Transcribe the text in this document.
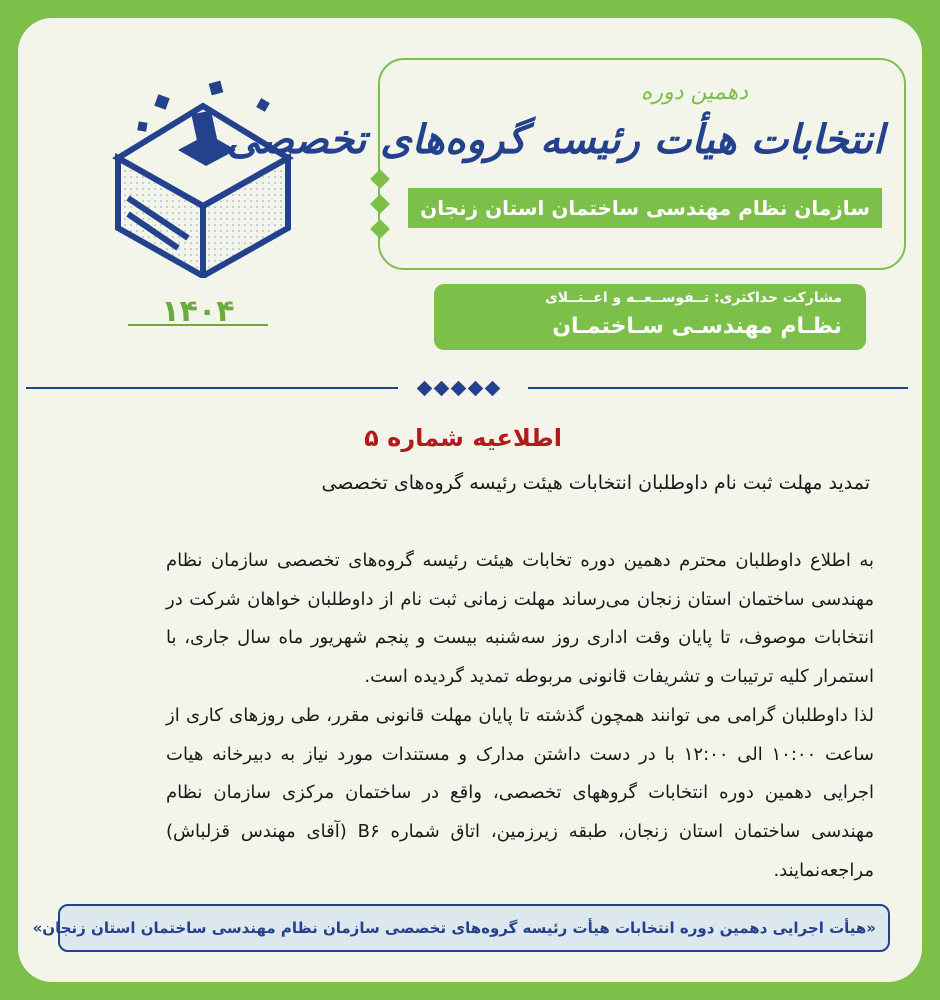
۱۴۰۴
دهمین دوره
انتخابات هیأت رئیسه گروه‌های تخصصی
سازمان نظام مهندسی ساختمان استان زنجان
مشارکت حداکثری: تــفوســعــه و اعــتــلای
نظـام مهندسـی سـاختمـان
اطلاعیه شماره ۵
تمدید مهلت ثبت نام داوطلبان انتخابات هیئت رئیسه گروه‌های تخصصی

به اطلاع داوطلبان محترم دهمین دوره تخابات هیئت رئیسه گروه‌های تخصصی سازمان نظام مهندسی ساختمان استان زنجان می‌رساند مهلت زمانی ثبت نام از داوطلبان خواهان شرکت در انتخابات موصوف، تا پایان وقت اداری روز سه‌شنبه بیست و پنجم شهریور ماه سال جاری، با استمرار کلیه ترتیبات و تشریفات قانونی مربوطه تمدید گردیده است.

لذا داوطلبان گرامی می توانند همچون گذشته تا پایان مهلت قانونی مقرر، طی روزهای کاری از ساعت ۱۰:۰۰ الی ۱۲:۰۰ با در دست داشتن مدارک و مستندات مورد نیاز به دبیرخانه هیات اجرایی دهمین دوره انتخابات گروههای تخصصی، واقع در ساختمان مرکزی سازمان نظام مهندسی ساختمان استان زنجان، طبقه زیرزمین، اتاق شماره B۶ (آقای مهندس قزلباش) مراجعه‌نمایند.

«هیأت اجرایی دهمین دوره انتخابات هیأت رئیسه گروه‌های تخصصی سازمان نظام مهندسی ساختمان استان زنجان»
